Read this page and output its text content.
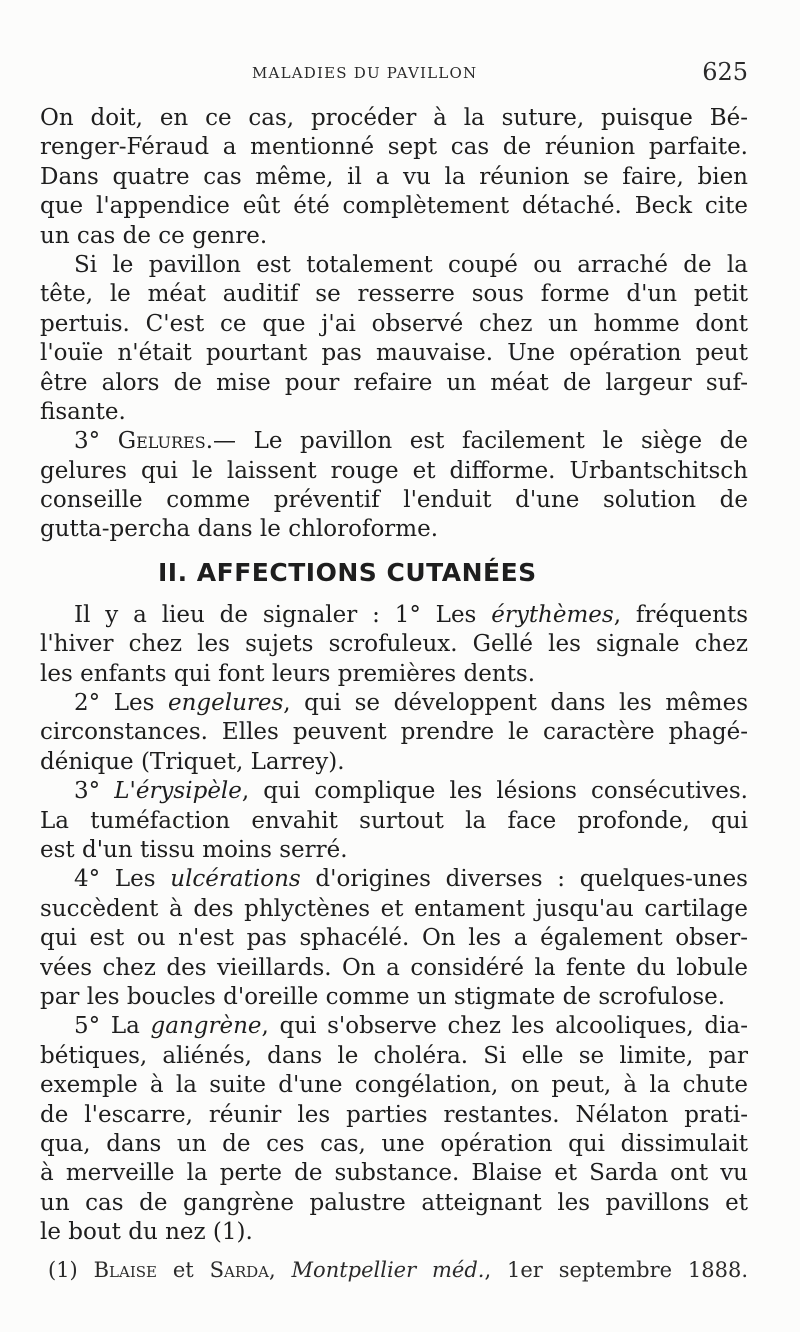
MALADIES DU PAVILLON	625
On doit, en ce cas, procéder à la suture, puisque Bé-
renger-Féraud a mentionné sept cas de réunion parfaite.
Dans quatre cas même, il a vu la réunion se faire, bien
que l'appendice eût été complètement détaché. Beck cite
un cas de ce genre.
Si le pavillon est totalement coupé ou arraché de la
tête, le méat auditif se resserre sous forme d'un petit
pertuis. C'est ce que j'ai observé chez un homme dont
l'ouïe n'était pourtant pas mauvaise. Une opération peut
être alors de mise pour refaire un méat de largeur suf-
fisante.
3° Gelures.— Le pavillon est facilement le siège de
gelures qui le laissent rouge et difforme. Urbantschitsch
conseille comme préventif l'enduit d'une solution de
gutta-percha dans le chloroforme.
II. AFFECTIONS CUTANÉES
Il y a lieu de signaler : 1° Les érythèmes, fréquents
l'hiver chez les sujets scrofuleux. Gellé les signale chez
les enfants qui font leurs premières dents.
2° Les engelures, qui se développent dans les mêmes
circonstances. Elles peuvent prendre le caractère phagé-
dénique (Triquet, Larrey).
3° L'érysipèle, qui complique les lésions consécutives.
La tuméfaction envahit surtout la face profonde, qui
est d'un tissu moins serré.
4° Les ulcérations d'origines diverses : quelques-unes
succèdent à des phlyctènes et entament jusqu'au cartilage
qui est ou n'est pas sphacélé. On les a également obser-
vées chez des vieillards. On a considéré la fente du lobule
par les boucles d'oreille comme un stigmate de scrofulose.
5° La gangrène, qui s'observe chez les alcooliques, dia-
bétiques, aliénés, dans le choléra. Si elle se limite, par
exemple à la suite d'une congélation, on peut, à la chute
de l'escarre, réunir les parties restantes. Nélaton prati-
qua, dans un de ces cas, une opération qui dissimulait
à merveille la perte de substance. Blaise et Sarda ont vu
un cas de gangrène palustre atteignant les pavillons et
le bout du nez (1).
(1) Blaise et Sarda, Montpellier méd., 1er septembre 1888.
